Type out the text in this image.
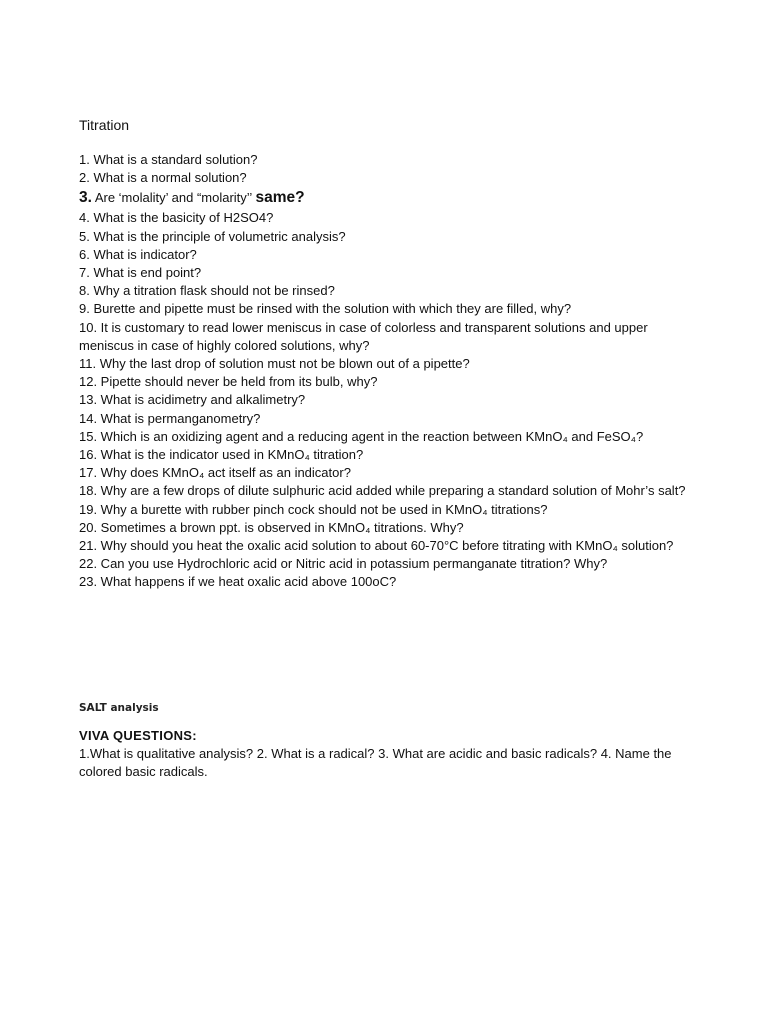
Titration

1. What is a standard solution?

2. What is a normal solution?

3. Are ‘molality’ and “molarity’’ same?

4. What is the basicity of H2SO4?

5. What is the principle of volumetric analysis?

6. What is indicator?

7. What is end point?

8. Why a titration flask should not be rinsed?

9. Burette and pipette must be rinsed with the solution with which they are filled, why?

10. It is customary to read lower meniscus in case of colorless and transparent solutions and upper meniscus in case of highly colored solutions, why?

11. Why the last drop of solution must not be blown out of a pipette?

12. Pipette should never be held from its bulb, why?

13. What is acidimetry and alkalimetry?

14. What is permanganometry?

15. Which is an oxidizing agent and a reducing agent in the reaction between KMnO₄ and FeSO₄?

16. What is the indicator used in KMnO₄ titration?

17. Why does KMnO₄ act itself as an indicator?

18. Why are a few drops of dilute sulphuric acid added while preparing a standard solution of Mohr’s salt?

19. Why a burette with rubber pinch cock should not be used in KMnO₄ titrations?

20. Sometimes a brown ppt. is observed in KMnO₄ titrations. Why?

21. Why should you heat the oxalic acid solution to about 60-70°C before titrating with KMnO₄ solution?

22. Can you use Hydrochloric acid or Nitric acid in potassium permanganate titration? Why?

23. What happens if we heat oxalic acid above 100oC?

SALT analysis
VIVA QUESTIONS:
1.What is qualitative analysis? 2. What is a radical? 3. What are acidic and basic radicals? 4. Name the colored basic radicals.
